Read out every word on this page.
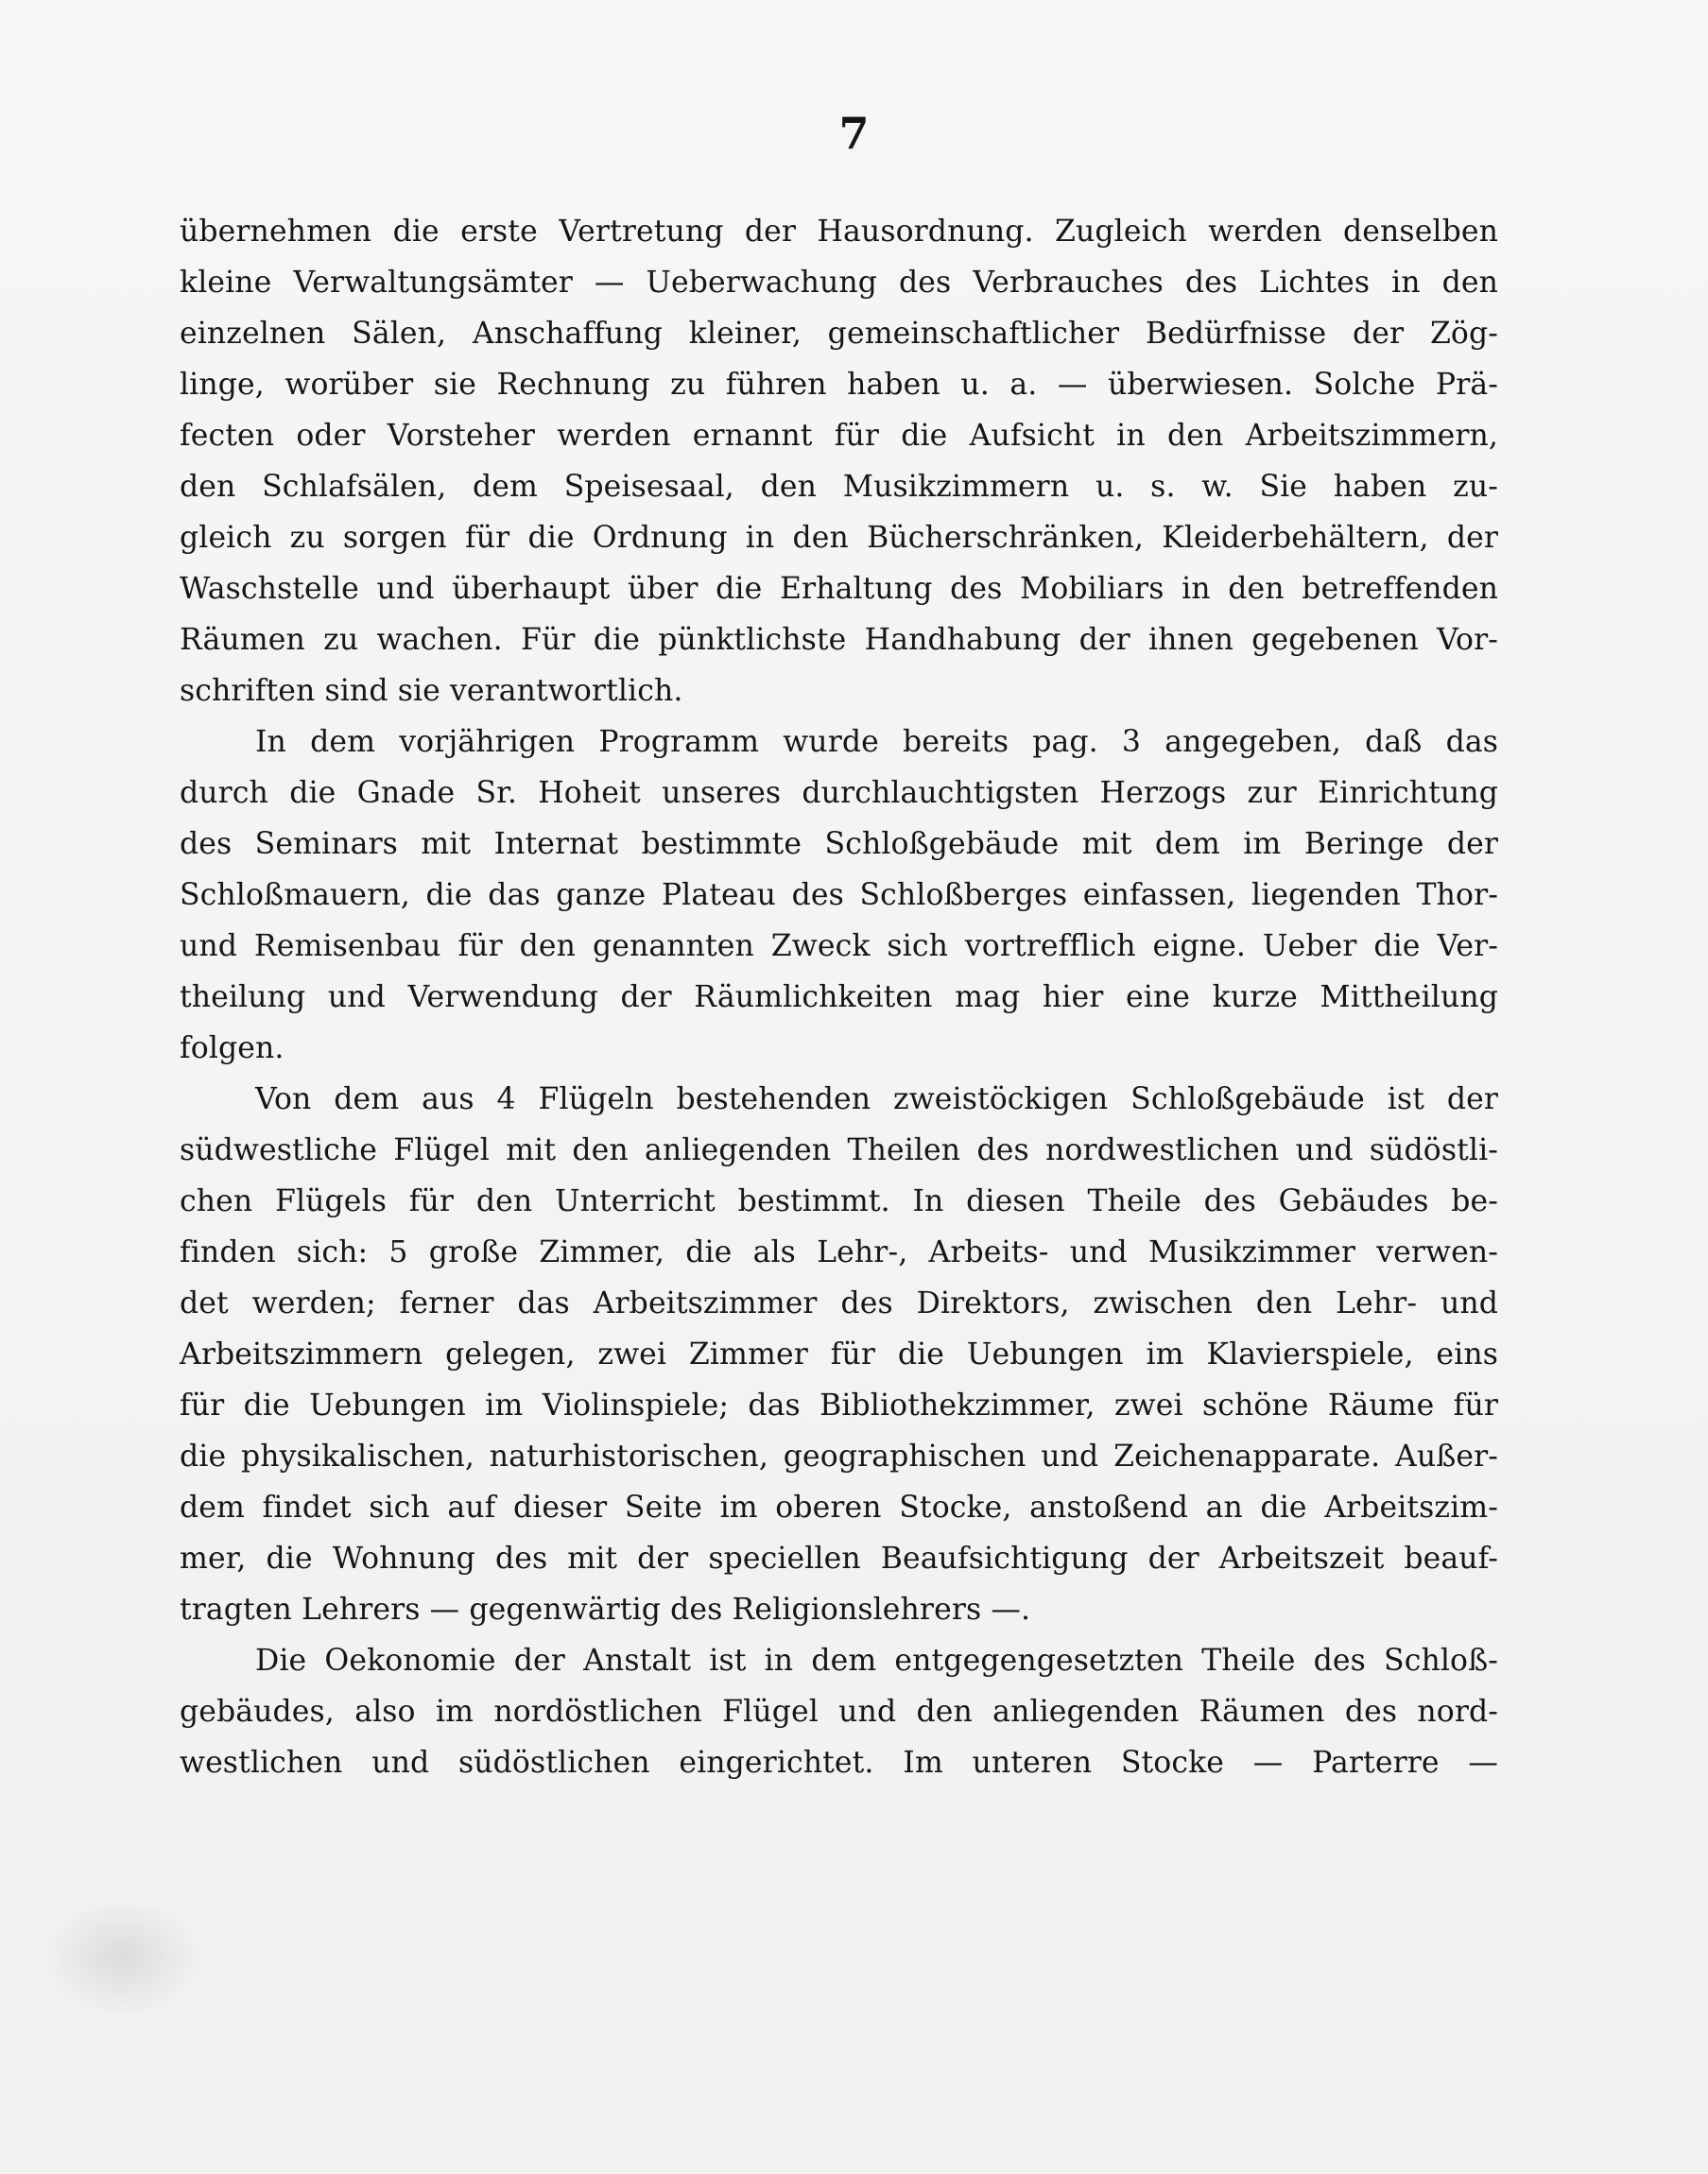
7
übernehmen die erste Vertretung der Hausordnung. Zugleich werden denselben
kleine Verwaltungsämter — Ueberwachung des Verbrauches des Lichtes in den
einzelnen Sälen, Anschaffung kleiner, gemeinschaftlicher Bedürfnisse der Zög-
linge, worüber sie Rechnung zu führen haben u. a. — überwiesen. Solche Prä-
fecten oder Vorsteher werden ernannt für die Aufsicht in den Arbeitszimmern,
den Schlafsälen, dem Speisesaal, den Musikzimmern u. s. w. Sie haben zu-
gleich zu sorgen für die Ordnung in den Bücherschränken, Kleiderbehältern, der
Waschstelle und überhaupt über die Erhaltung des Mobiliars in den betreffenden
Räumen zu wachen. Für die pünktlichste Handhabung der ihnen gegebenen Vor-
schriften sind sie verantwortlich.
In dem vorjährigen Programm wurde bereits pag. 3 angegeben, daß das
durch die Gnade Sr. Hoheit unseres durchlauchtigsten Herzogs zur Einrichtung
des Seminars mit Internat bestimmte Schloßgebäude mit dem im Beringe der
Schloßmauern, die das ganze Plateau des Schloßberges einfassen, liegenden Thor-
und Remisenbau für den genannten Zweck sich vortrefflich eigne. Ueber die Ver-
theilung und Verwendung der Räumlichkeiten mag hier eine kurze Mittheilung
folgen.
Von dem aus 4 Flügeln bestehenden zweistöckigen Schloßgebäude ist der
südwestliche Flügel mit den anliegenden Theilen des nordwestlichen und südöstli-
chen Flügels für den Unterricht bestimmt. In diesen Theile des Gebäudes be-
finden sich: 5 große Zimmer, die als Lehr-, Arbeits- und Musikzimmer verwen-
det werden; ferner das Arbeitszimmer des Direktors, zwischen den Lehr- und
Arbeitszimmern gelegen, zwei Zimmer für die Uebungen im Klavierspiele, eins
für die Uebungen im Violinspiele; das Bibliothekzimmer, zwei schöne Räume für
die physikalischen, naturhistorischen, geographischen und Zeichenapparate. Außer-
dem findet sich auf dieser Seite im oberen Stocke, anstoßend an die Arbeitszim-
mer, die Wohnung des mit der speciellen Beaufsichtigung der Arbeitszeit beauf-
tragten Lehrers — gegenwärtig des Religionslehrers —.
Die Oekonomie der Anstalt ist in dem entgegengesetzten Theile des Schloß-
gebäudes, also im nordöstlichen Flügel und den anliegenden Räumen des nord-
westlichen und südöstlichen eingerichtet. Im unteren Stocke — Parterre —
